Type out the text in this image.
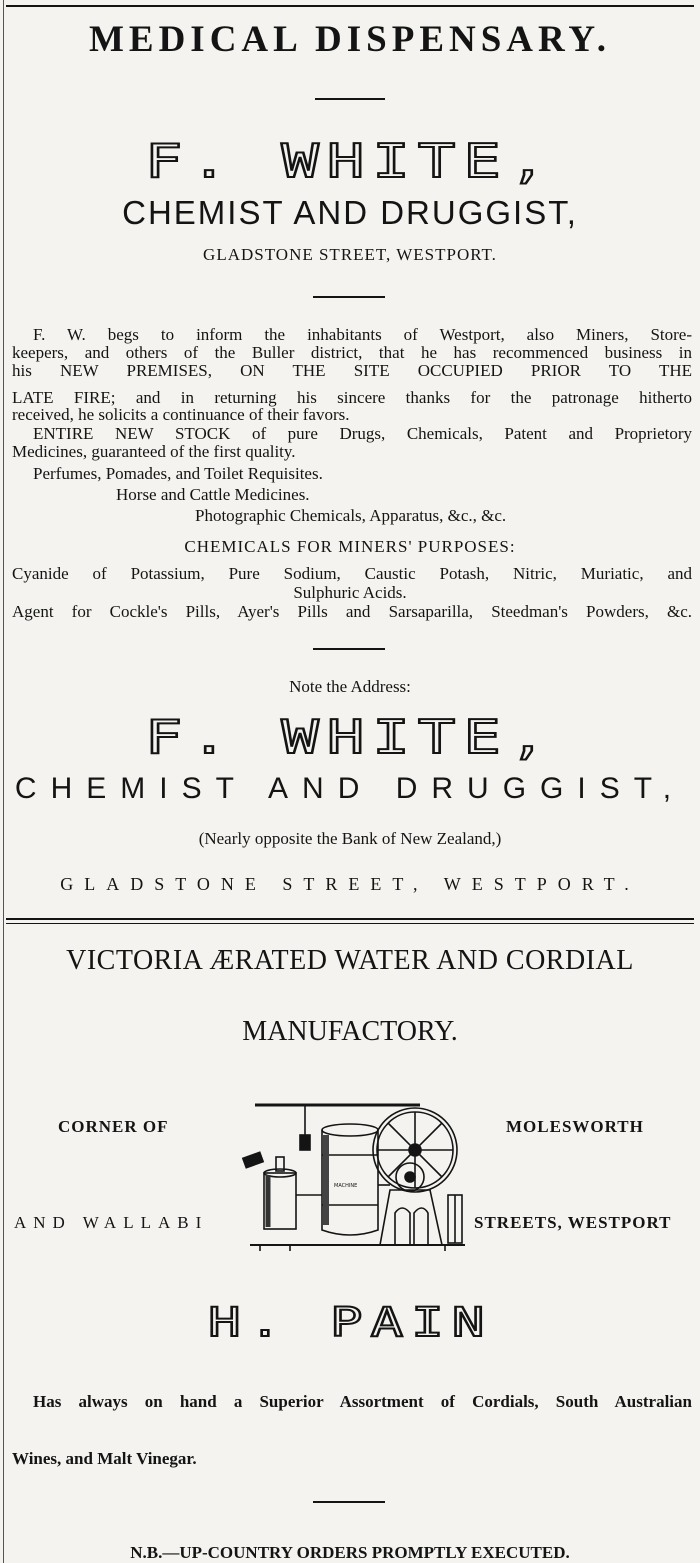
MEDICAL DISPENSARY.
F. WHITE,
CHEMIST AND DRUGGIST,
GLADSTONE STREET, WESTPORT.
F. W. begs to inform the inhabitants of Westport, also Miners, Store-
keepers, and others of the Buller district, that he has recommenced business in
his NEW PREMISES, ON THE SITE OCCUPIED PRIOR TO THE
LATE FIRE; and in returning his sincere thanks for the patronage hitherto
received, he solicits a continuance of their favors.
ENTIRE NEW STOCK of pure Drugs, Chemicals, Patent and Proprietory
Medicines, guaranteed of the first quality.
Perfumes, Pomades, and Toilet Requisites.
Horse and Cattle Medicines.
Photographic Chemicals, Apparatus, &c., &c.
CHEMICALS FOR MINERS' PURPOSES:
Cyanide of Potassium, Pure Sodium, Caustic Potash, Nitric, Muriatic, and
Sulphuric Acids.
Agent for Cockle's Pills, Ayer's Pills and Sarsaparilla, Steedman's Powders, &c.
Note the Address:
F. WHITE,
CHEMIST AND DRUGGIST,
(Nearly opposite the Bank of New Zealand,)
GLADSTONE STREET, WESTPORT.
VICTORIA ÆRATED WATER AND CORDIAL
MANUFACTORY.
CORNER OF	MOLESWORTH
AND WALLABI	STREETS, WESTPORT
MACHINE
H. PAIN
Has always on hand a Superior Assortment of Cordials, South Australian
Wines, and Malt Vinegar.
N.B.—UP-COUNTRY ORDERS PROMPTLY EXECUTED.
